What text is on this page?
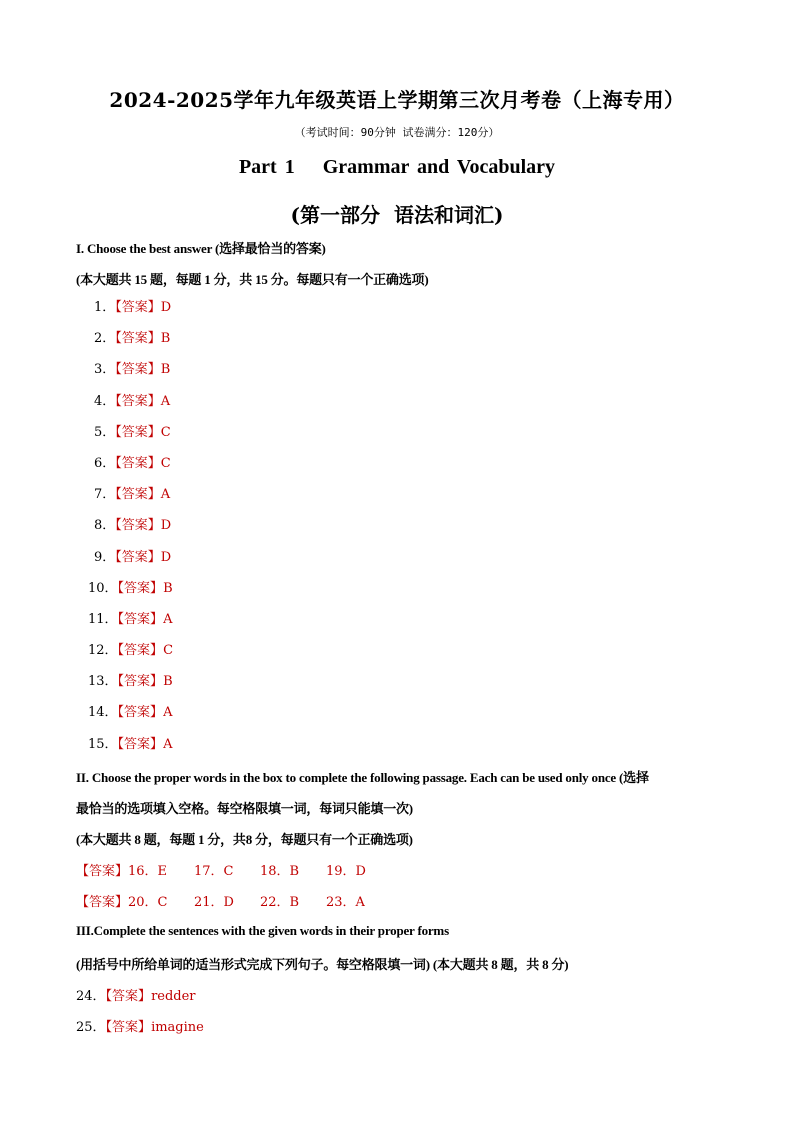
2024-2025学年九年级英语上学期第三次月考卷（上海专用）
（考试时间：90分钟 试卷满分：120分）
Part 1 Grammar and Vocabulary
(第一部分 语法和词汇)
I. Choose the best answer (选择最恰当的答案)
(本大题共 15 题，每题 1 分，共 15 分。每题只有一个正确选项)
1．【答案】D
2．【答案】B
3．【答案】B
4．【答案】A
5．【答案】C
6．【答案】C
7．【答案】A
8．【答案】D
9．【答案】D
10．【答案】B
11．【答案】A
12．【答案】C
13．【答案】B
14．【答案】A
15．【答案】A
II. Choose the proper words in the box to complete the following passage. Each can be used only once (选择
最恰当的选项填入空格。每空格限填一词，每词只能填一次)
(本大题共 8 题，每题 1 分，共8 分，每题只有一个正确选项)
【答案】16．E 17．C 18．B 19．D
【答案】20．C 21．D 22．B 23．A
III.Complete the sentences with the given words in their proper forms
(用括号中所给单词的适当形式完成下列句子。每空格限填一词) (本大题共 8 题，共 8 分)
24．【答案】redder
25．【答案】imagine
